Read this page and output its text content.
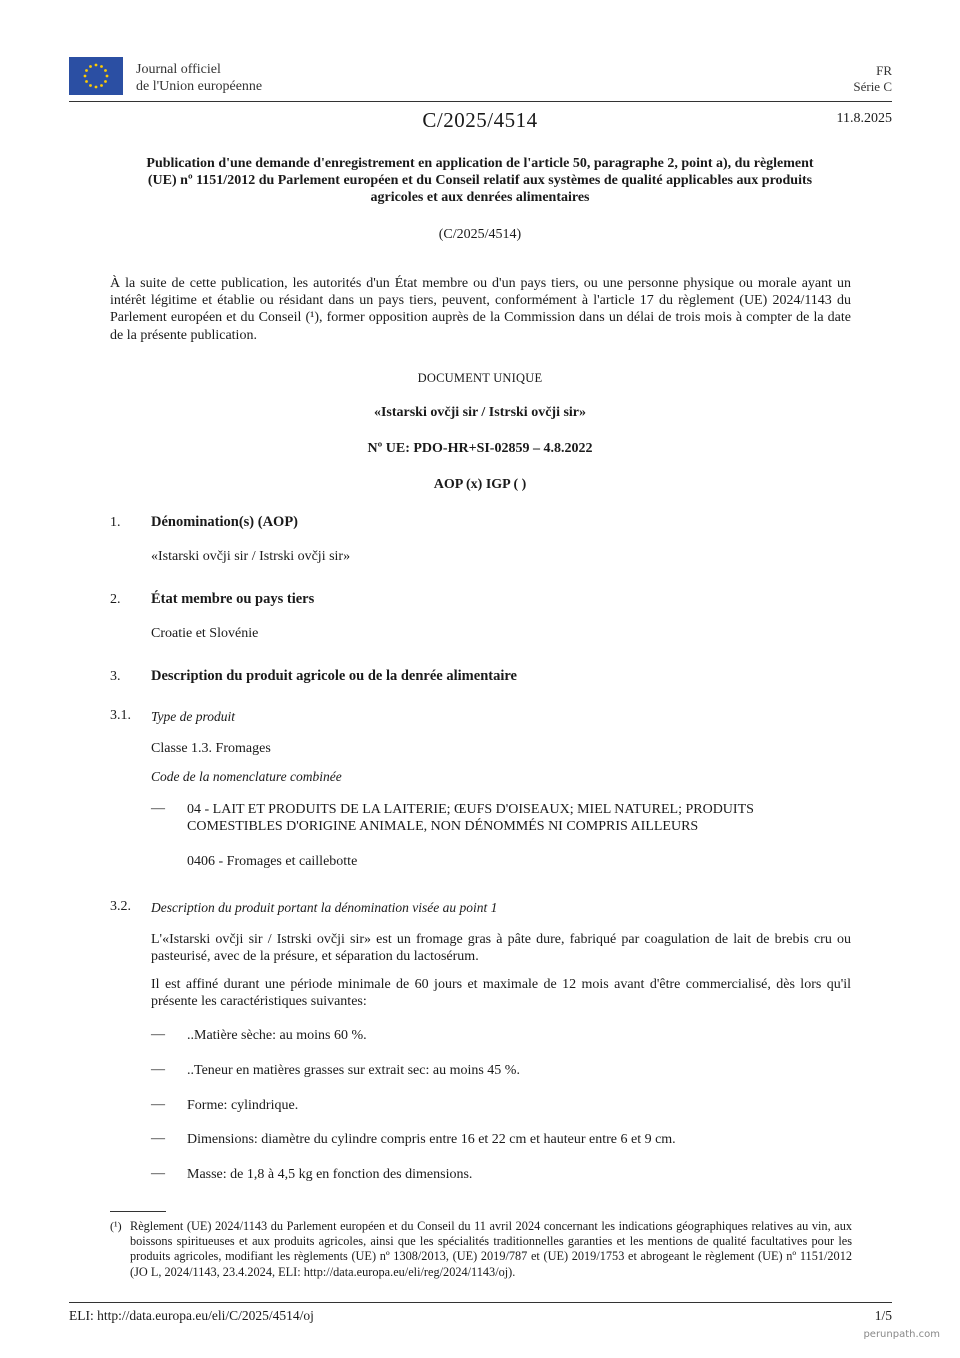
Journal officiel
de l'Union européenne
FR
Série C
C/2025/4514	11.8.2025
Publication d'une demande d'enregistrement en application de l'article 50, paragraphe 2, point a), du règlement (UE) nº 1151/2012 du Parlement européen et du Conseil relatif aux systèmes de qualité applicables aux produits agricoles et aux denrées alimentaires
(C/2025/4514)
À la suite de cette publication, les autorités d'un État membre ou d'un pays tiers, ou une personne physique ou morale ayant un intérêt légitime et établie ou résidant dans un pays tiers, peuvent, conformément à l'article 17 du règlement (UE) 2024/1143 du Parlement européen et du Conseil (¹), former opposition auprès de la Commission dans un délai de trois mois à compter de la date de la présente publication.
DOCUMENT UNIQUE
«Istarski ovčji sir / Istrski ovčji sir»
Nº UE: PDO-HR+SI-02859 – 4.8.2022
AOP (x) IGP ( )
1. Dénomination(s) (AOP)
«Istarski ovčji sir / Istrski ovčji sir»
2. État membre ou pays tiers
Croatie et Slovénie
3. Description du produit agricole ou de la denrée alimentaire
3.1. Type de produit
Classe 1.3. Fromages
Code de la nomenclature combinée
— 04 - LAIT ET PRODUITS DE LA LAITERIE; ŒUFS D'OISEAUX; MIEL NATUREL; PRODUITS COMESTIBLES D'ORIGINE ANIMALE, NON DÉNOMMÉS NI COMPRIS AILLEURS
0406 - Fromages et caillebotte
3.2. Description du produit portant la dénomination visée au point 1
L'«Istarski ovčji sir / Istrski ovčji sir» est un fromage gras à pâte dure, fabriqué par coagulation de lait de brebis cru ou pasteurisé, avec de la présure, et séparation du lactosérum.
Il est affiné durant une période minimale de 60 jours et maximale de 12 mois avant d'être commercialisé, dès lors qu'il présente les caractéristiques suivantes:
— ..Matière sèche: au moins 60 %.
— ..Teneur en matières grasses sur extrait sec: au moins 45 %.
— Forme: cylindrique.
— Dimensions: diamètre du cylindre compris entre 16 et 22 cm et hauteur entre 6 et 9 cm.
— Masse: de 1,8 à 4,5 kg en fonction des dimensions.
(¹) Règlement (UE) 2024/1143 du Parlement européen et du Conseil du 11 avril 2024 concernant les indications géographiques relatives au vin, aux boissons spiritueuses et aux produits agricoles, ainsi que les spécialités traditionnelles garanties et les mentions de qualité facultatives pour les produits agricoles, modifiant les règlements (UE) nº 1308/2013, (UE) 2019/787 et (UE) 2019/1753 et abrogeant le règlement (UE) nº 1151/2012 (JO L, 2024/1143, 23.4.2024, ELI: http://data.europa.eu/eli/reg/2024/1143/oj).
ELI: http://data.europa.eu/eli/C/2025/4514/oj	1/5
perunpath.com
